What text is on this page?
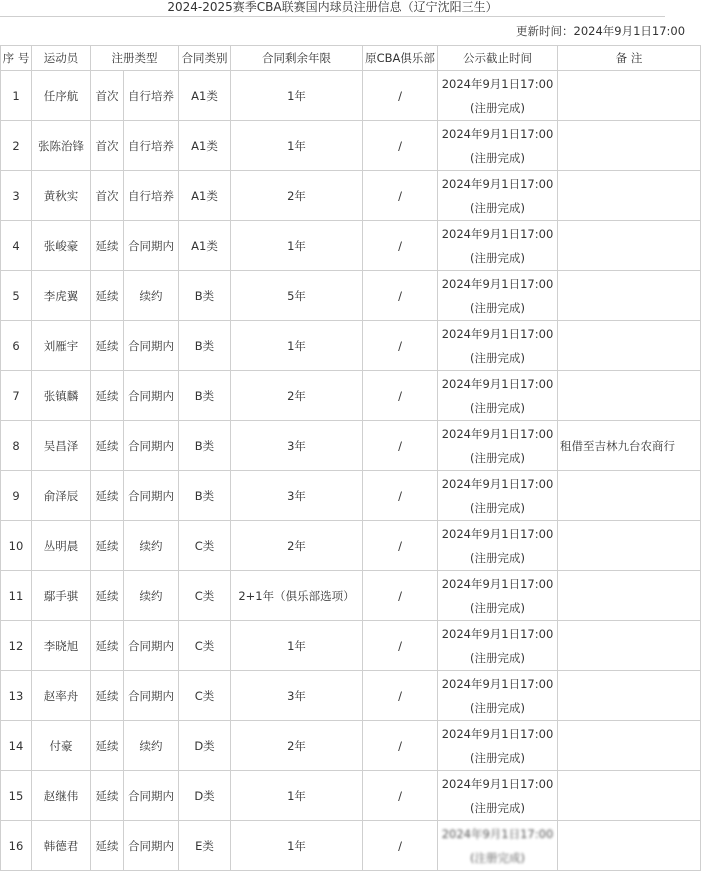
2024-2025赛季CBA联赛国内球员注册信息（辽宁沈阳三生）
更新时间：2024年9月1日17:00
序 号	运动员	注册类型		合同类别	合同剩余年限	原CBA俱乐部	公示截止时间	备 注
1	任序航	首次	自行培养	A1类	1年	/	2024年9月1日17:00
(注册完成)	

2	张陈治锋	首次	自行培养	A1类	1年	/	2024年9月1日17:00
(注册完成)	

3	黄秋实	首次	自行培养	A1类	2年	/	2024年9月1日17:00
(注册完成)	

4	张峻豪	延续	合同期内	A1类	1年	/	2024年9月1日17:00
(注册完成)	

5	李虎翼	延续	续约	B类	5年	/	2024年9月1日17:00
(注册完成)	

6	刘雁宇	延续	合同期内	B类	1年	/	2024年9月1日17:00
(注册完成)	

7	张镇麟	延续	合同期内	B类	2年	/	2024年9月1日17:00
(注册完成)	

8	吴昌泽	延续	合同期内	B类	3年	/	2024年9月1日17:00
(注册完成)	租借至吉林九台农商行
9	俞泽辰	延续	合同期内	B类	3年	/	2024年9月1日17:00
(注册完成)	

10	丛明晨	延续	续约	C类	2年	/	2024年9月1日17:00
(注册完成)	

11	鄢手骐	延续	续约	C类	2+1年（俱乐部选项）	/	2024年9月1日17:00
(注册完成)	

12	李晓旭	延续	合同期内	C类	1年	/	2024年9月1日17:00
(注册完成)	

13	赵率舟	延续	合同期内	C类	3年	/	2024年9月1日17:00
(注册完成)	

14	付豪	延续	续约	D类	2年	/	2024年9月1日17:00
(注册完成)	

15	赵继伟	延续	合同期内	D类	1年	/	2024年9月1日17:00
(注册完成)	

16	韩德君	延续	合同期内	E类	1年	/	2024年9月1日17:00
(注册完成)	
